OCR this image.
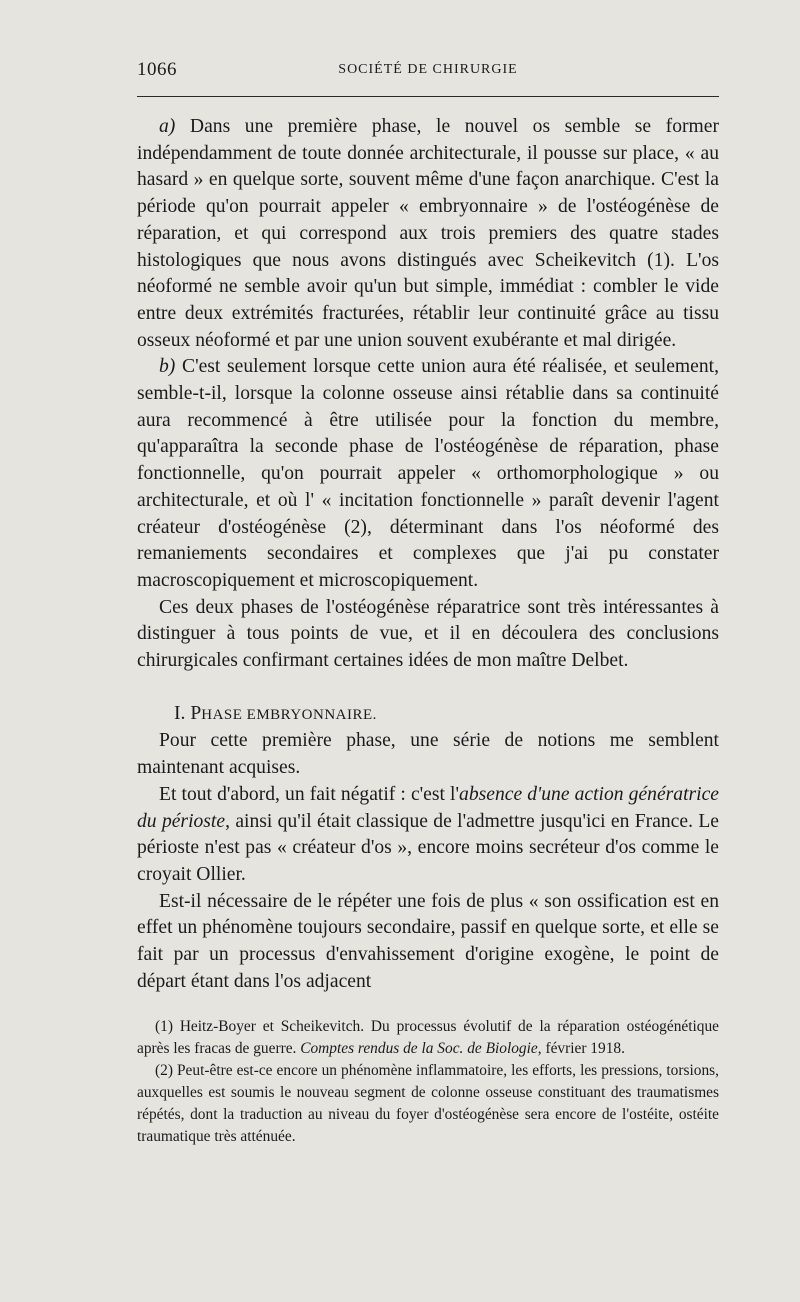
1066	SOCIÉTÉ DE CHIRURGIE

a) Dans une première phase, le nouvel os semble se former indépendamment de toute donnée architecturale, il pousse sur place, « au hasard » en quelque sorte, souvent même d'une façon anarchique. C'est la période qu'on pourrait appeler « embryonnaire » de l'ostéogénèse de réparation, et qui correspond aux trois premiers des quatre stades histologiques que nous avons distingués avec Scheikevitch (1). L'os néoformé ne semble avoir qu'un but simple, immédiat : combler le vide entre deux extrémités fracturées, rétablir leur continuité grâce au tissu osseux néoformé et par une union souvent exubérante et mal dirigée.

b) C'est seulement lorsque cette union aura été réalisée, et seulement, semble-t-il, lorsque la colonne osseuse ainsi rétablie dans sa continuité aura recommencé à être utilisée pour la fonction du membre, qu'apparaîtra la seconde phase de l'ostéogénèse de réparation, phase fonctionnelle, qu'on pourrait appeler « orthomorphologique » ou architecturale, et où l' « incitation fonctionnelle » paraît devenir l'agent créateur d'ostéogénèse (2), déterminant dans l'os néoformé des remaniements secondaires et complexes que j'ai pu constater macroscopiquement et microscopiquement.

Ces deux phases de l'ostéogénèse réparatrice sont très intéressantes à distinguer à tous points de vue, et il en découlera des conclusions chirurgicales confirmant certaines idées de mon maître Delbet.

I. PHASE EMBRYONNAIRE.

Pour cette première phase, une série de notions me semblent maintenant acquises.

Et tout d'abord, un fait négatif : c'est l'absence d'une action génératrice du périoste, ainsi qu'il était classique de l'admettre jusqu'ici en France. Le périoste n'est pas « créateur d'os », encore moins secréteur d'os comme le croyait Ollier.

Est-il nécessaire de le répéter une fois de plus « son ossification est en effet un phénomène toujours secondaire, passif en quelque sorte, et elle se fait par un processus d'envahissement d'origine exogène, le point de départ étant dans l'os adjacent

(1) Heitz-Boyer et Scheikevitch. Du processus évolutif de la réparation ostéogénétique après les fracas de guerre. Comptes rendus de la Soc. de Biologie, février 1918.

(2) Peut-être est-ce encore un phénomène inflammatoire, les efforts, les pressions, torsions, auxquelles est soumis le nouveau segment de colonne osseuse constituant des traumatismes répétés, dont la traduction au niveau du foyer d'ostéogénèse sera encore de l'ostéite, ostéite traumatique très atténuée.
